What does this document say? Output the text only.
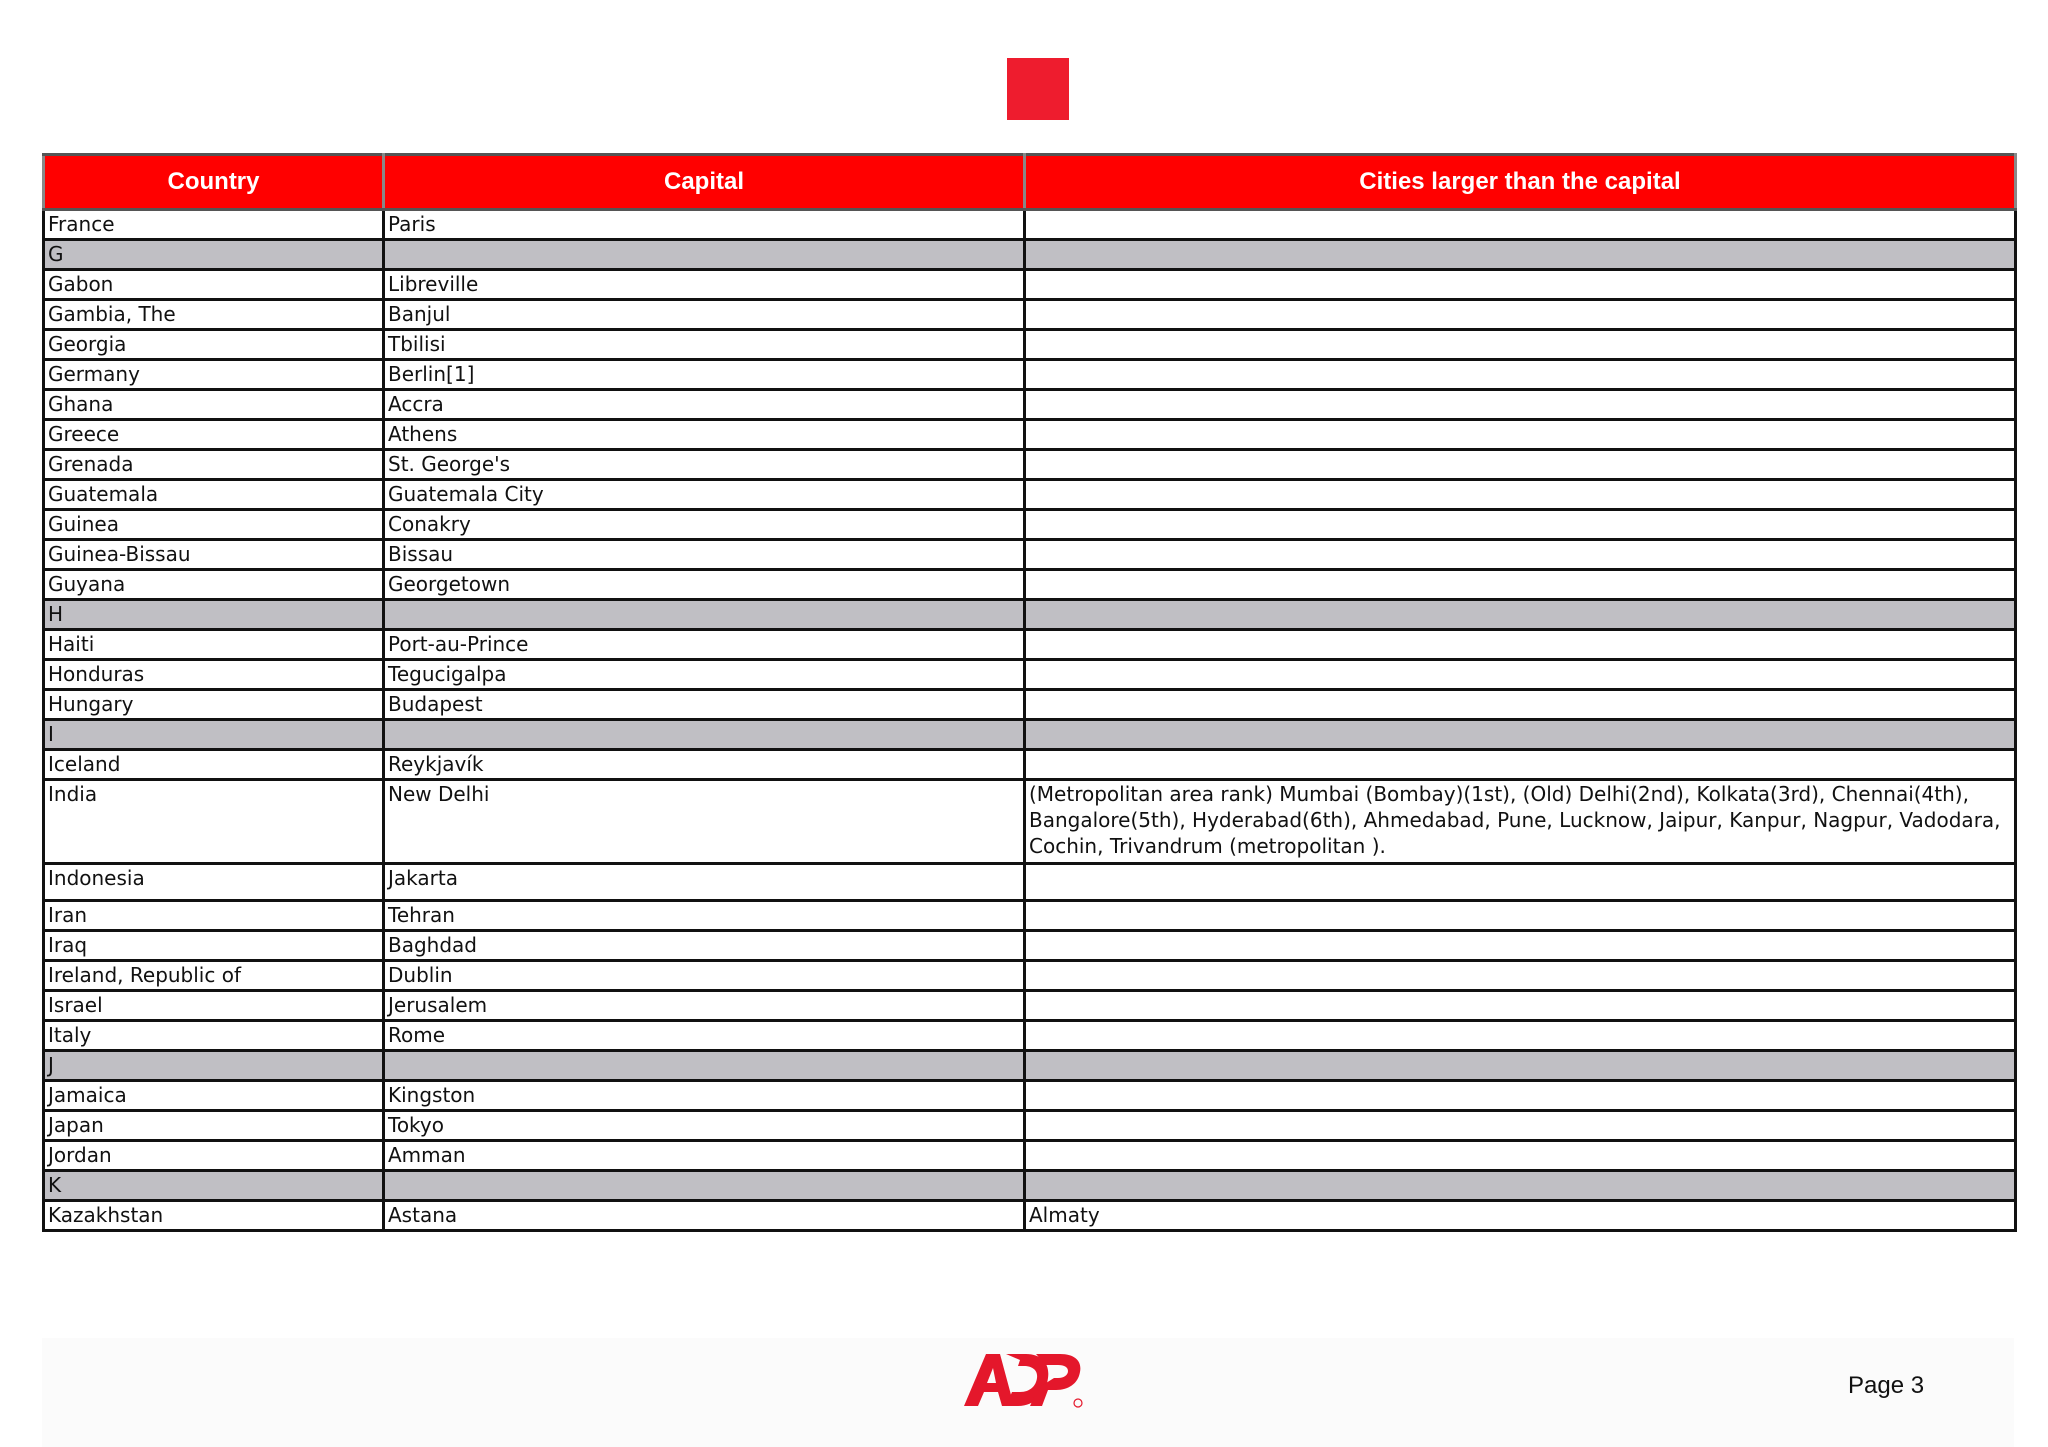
Country	Capital	Cities larger than the capital
France	Paris	
G		
Gabon	Libreville	
Gambia, The	Banjul	
Georgia	Tbilisi	
Germany	Berlin[1]	
Ghana	Accra	
Greece	Athens	
Grenada	St. George's	
Guatemala	Guatemala City	
Guinea	Conakry	
Guinea-Bissau	Bissau	
Guyana	Georgetown	
H		
Haiti	Port-au-Prince	
Honduras	Tegucigalpa	
Hungary	Budapest	
I		
Iceland	Reykjavík	
India	New Delhi	(Metropolitan area rank) Mumbai (Bombay)(1st), (Old) Delhi(2nd), Kolkata(3rd), Chennai(4th), Bangalore(5th), Hyderabad(6th), Ahmedabad, Pune, Lucknow, Jaipur, Kanpur, Nagpur, Vadodara, Cochin, Trivandrum (metropolitan ).
Indonesia	Jakarta	
Iran	Tehran	
Iraq	Baghdad	
Ireland, Republic of	Dublin	
Israel	Jerusalem	
Italy	Rome	
J		
Jamaica	Kingston	
Japan	Tokyo	
Jordan	Amman	
K		
Kazakhstan	Astana	Almaty
Page 3
